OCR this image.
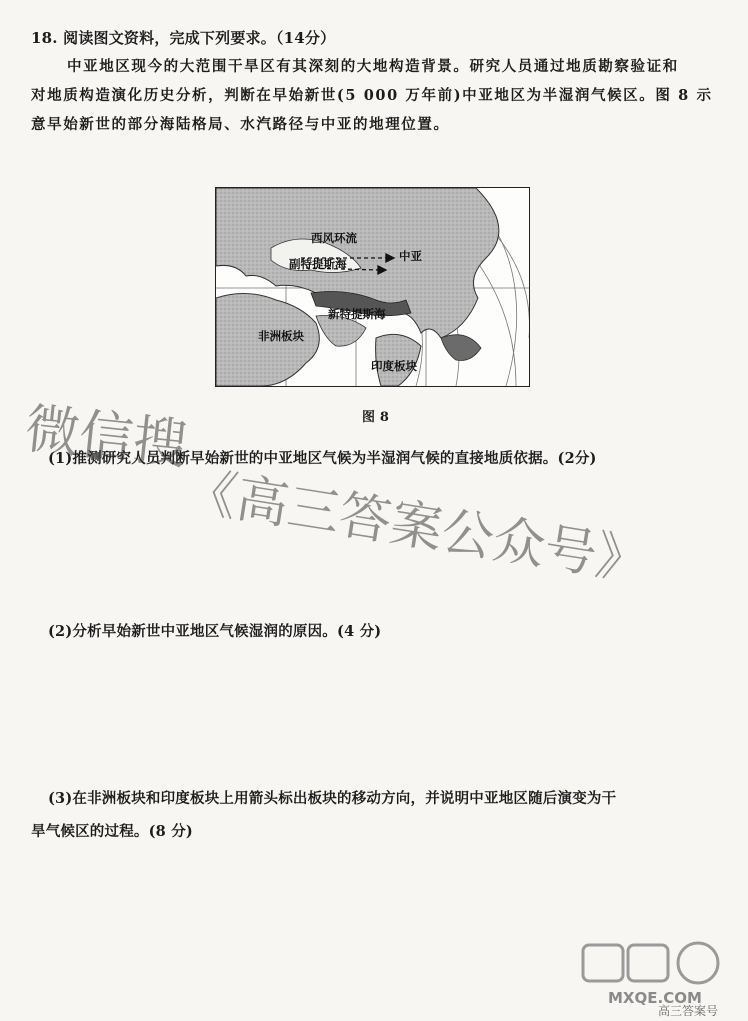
18. 阅读图文资料，完成下列要求。（14分）
中亚地区现今的大范围干旱区有其深刻的大地构造背景。研究人员通过地质勘察验证和
对地质构造演化历史分析，判断在早始新世(5 000 万年前)中亚地区为半湿润气候区。图 8 示
意早始新世的部分海陆格局、水汽路径与中亚的地理位置。
西风环流
中亚
副特提斯海
新特提斯海
非洲板块
印度板块
图 8
(1)推测研究人员判断早始新世的中亚地区气候为半湿润气候的直接地质依据。(2分)
(2)分析早始新世中亚地区气候湿润的原因。(4 分)
(3)在非洲板块和印度板块上用箭头标出板块的移动方向，并说明中亚地区随后演变为干
旱气候区的过程。(8 分)
微信搜
《高三答案公众号》
MXQE.COM
高三答案号
